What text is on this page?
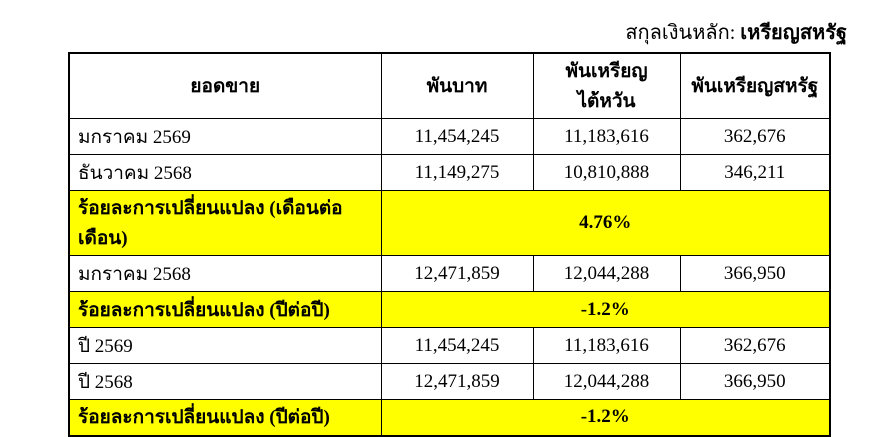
สกุลเงินหลัก: เหรียญสหรัฐ
ยอดขาย	พันบาท	พันเหรียญไต้หวัน	พันเหรียญสหรัฐ
มกราคม 2569	11,454,245	11,183,616	362,676
ธันวาคม 2568	11,149,275	10,810,888	346,211
ร้อยละการเปลี่ยนแปลง (เดือนต่อเดือน)	4.76%		
มกราคม 2568	12,471,859	12,044,288	366,950
ร้อยละการเปลี่ยนแปลง (ปีต่อปี)	-1.2%		
ปี 2569	11,454,245	11,183,616	362,676
ปี 2568	12,471,859	12,044,288	366,950
ร้อยละการเปลี่ยนแปลง (ปีต่อปี)	-1.2%		
